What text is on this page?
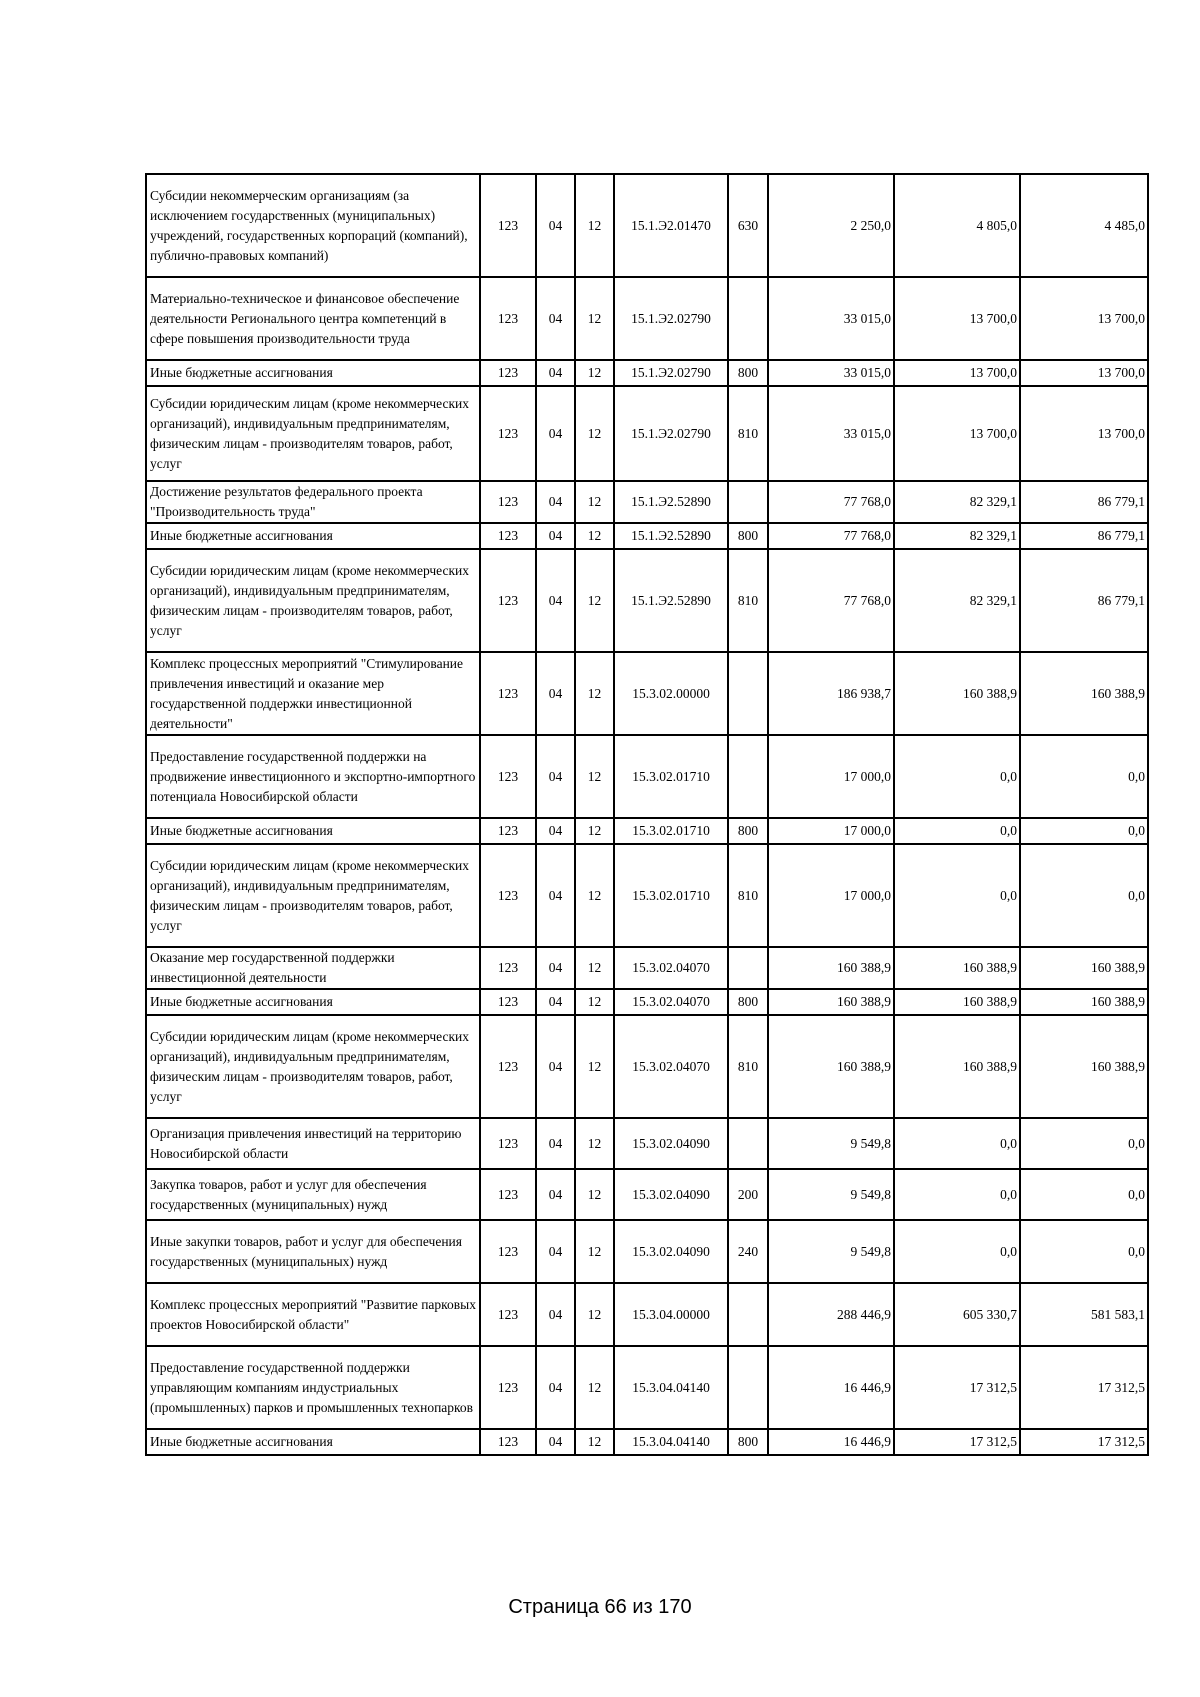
Субсидии некоммерческим организациям (за исключением государственных (муниципальных) учреждений, государственных корпораций (компаний), публично-правовых компаний)	123	04	12	15.1.Э2.01470	630	2 250,0	4 805,0	4 485,0
Материально-техническое и финансовое обеспечение деятельности Регионального центра компетенций в сфере повышения производительности труда	123	04	12	15.1.Э2.02790		33 015,0	13 700,0	13 700,0
Иные бюджетные ассигнования	123	04	12	15.1.Э2.02790	800	33 015,0	13 700,0	13 700,0
Субсидии юридическим лицам (кроме некоммерческих организаций), индивидуальным предпринимателям, физическим лицам - производителям товаров, работ, услуг	123	04	12	15.1.Э2.02790	810	33 015,0	13 700,0	13 700,0
Достижение результатов федерального проекта "Производительность труда"	123	04	12	15.1.Э2.52890		77 768,0	82 329,1	86 779,1
Иные бюджетные ассигнования	123	04	12	15.1.Э2.52890	800	77 768,0	82 329,1	86 779,1
Субсидии юридическим лицам (кроме некоммерческих организаций), индивидуальным предпринимателям, физическим лицам - производителям товаров, работ, услуг	123	04	12	15.1.Э2.52890	810	77 768,0	82 329,1	86 779,1
Комплекс процессных мероприятий "Стимулирование привлечения инвестиций и оказание мер государственной поддержки инвестиционной деятельности"	123	04	12	15.3.02.00000		186 938,7	160 388,9	160 388,9
Предоставление государственной поддержки на продвижение инвестиционного и экспортно-импортного потенциала Новосибирской области	123	04	12	15.3.02.01710		17 000,0	0,0	0,0
Иные бюджетные ассигнования	123	04	12	15.3.02.01710	800	17 000,0	0,0	0,0
Субсидии юридическим лицам (кроме некоммерческих организаций), индивидуальным предпринимателям, физическим лицам - производителям товаров, работ, услуг	123	04	12	15.3.02.01710	810	17 000,0	0,0	0,0
Оказание мер государственной поддержки инвестиционной деятельности	123	04	12	15.3.02.04070		160 388,9	160 388,9	160 388,9
Иные бюджетные ассигнования	123	04	12	15.3.02.04070	800	160 388,9	160 388,9	160 388,9
Субсидии юридическим лицам (кроме некоммерческих организаций), индивидуальным предпринимателям, физическим лицам - производителям товаров, работ, услуг	123	04	12	15.3.02.04070	810	160 388,9	160 388,9	160 388,9
Организация привлечения инвестиций на территорию Новосибирской области	123	04	12	15.3.02.04090		9 549,8	0,0	0,0
Закупка товаров, работ и услуг для обеспечения государственных (муниципальных) нужд	123	04	12	15.3.02.04090	200	9 549,8	0,0	0,0
Иные закупки товаров, работ и услуг для обеспечения государственных (муниципальных) нужд	123	04	12	15.3.02.04090	240	9 549,8	0,0	0,0
Комплекс процессных мероприятий "Развитие парковых проектов Новосибирской области"	123	04	12	15.3.04.00000		288 446,9	605 330,7	581 583,1
Предоставление государственной поддержки управляющим компаниям индустриальных (промышленных) парков и промышленных технопарков	123	04	12	15.3.04.04140		16 446,9	17 312,5	17 312,5
Иные бюджетные ассигнования	123	04	12	15.3.04.04140	800	16 446,9	17 312,5	17 312,5
Страница 66 из 170
